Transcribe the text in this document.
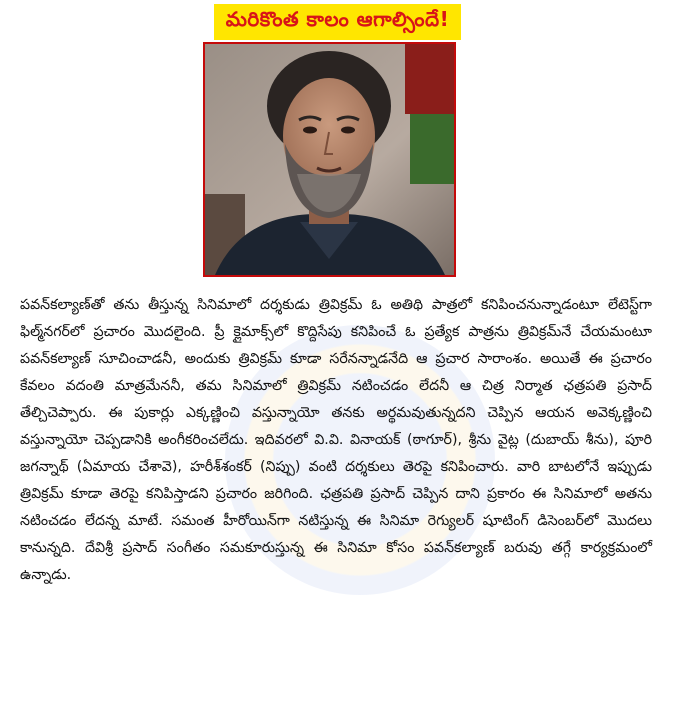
మరికొంత కాలం ఆగాల్సిందే!

పవన్‌కల్యాణ్‌తో తను తీస్తున్న సినిమాలో దర్శకుడు త్రివిక్రమ్ ఓ అతిథి పాత్రలో కనిపించనున్నాడంటూ లేటెస్ట్‌గా ఫిల్మ్‌నగర్‌లో ప్రచారం మొదలైంది. ప్రీ క్లైమాక్స్‌లో కొద్దిసేపు కనిపించే ఓ ప్రత్యేక పాత్రను త్రివిక్రమ్‌నే చేయమంటూ పవన్‌కల్యాణ్ సూచించాడనీ, అందుకు త్రివిక్రమ్ కూడా సరేనన్నాడనేది ఆ ప్రచార సారాంశం. అయితే ఈ ప్రచారం కేవలం వదంతి మాత్రమేననీ, తమ సినిమాలో త్రివిక్రమ్ నటించడం లేదనీ ఆ చిత్ర నిర్మాత ఛత్రపతి ప్రసాద్ తేల్చిచెప్పారు. ఈ పుకార్లు ఎక్కణ్ణించి వస్తున్నాయో తనకు అర్థమవుతున్నదని చెప్పిన ఆయన అవెక్కణ్ణించి వస్తున్నాయో చెప్పడానికి అంగీకరించలేదు. ఇదివరలో వి.వి. వినాయక్ (ఠాగూర్), శ్రీను వైట్ల (దుబాయ్ శీను), పూరి జగన్నాథ్ (ఏమాయ చేశావె), హరీశ్‌శంకర్ (నిప్పు) వంటి దర్శకులు తెరపై కనిపించారు. వారి బాటలోనే ఇప్పుడు త్రివిక్రమ్ కూడా తెరపై కనిపిస్తాడని ప్రచారం జరిగింది. ఛత్రపతి ప్రసాద్ చెప్పిన దాని ప్రకారం ఈ సినిమాలో అతను నటించడం లేదన్న మాటే. సమంత హీరోయిన్‌గా నటిస్తున్న ఈ సినిమా రెగ్యులర్ షూటింగ్ డిసెంబర్‌లో మొదలు కానున్నది. దేవిశ్రీ ప్రసాద్ సంగీతం సమకూరుస్తున్న ఈ సినిమా కోసం పవన్‌కల్యాణ్ బరువు తగ్గే కార్యక్రమంలో ఉన్నాడు.
